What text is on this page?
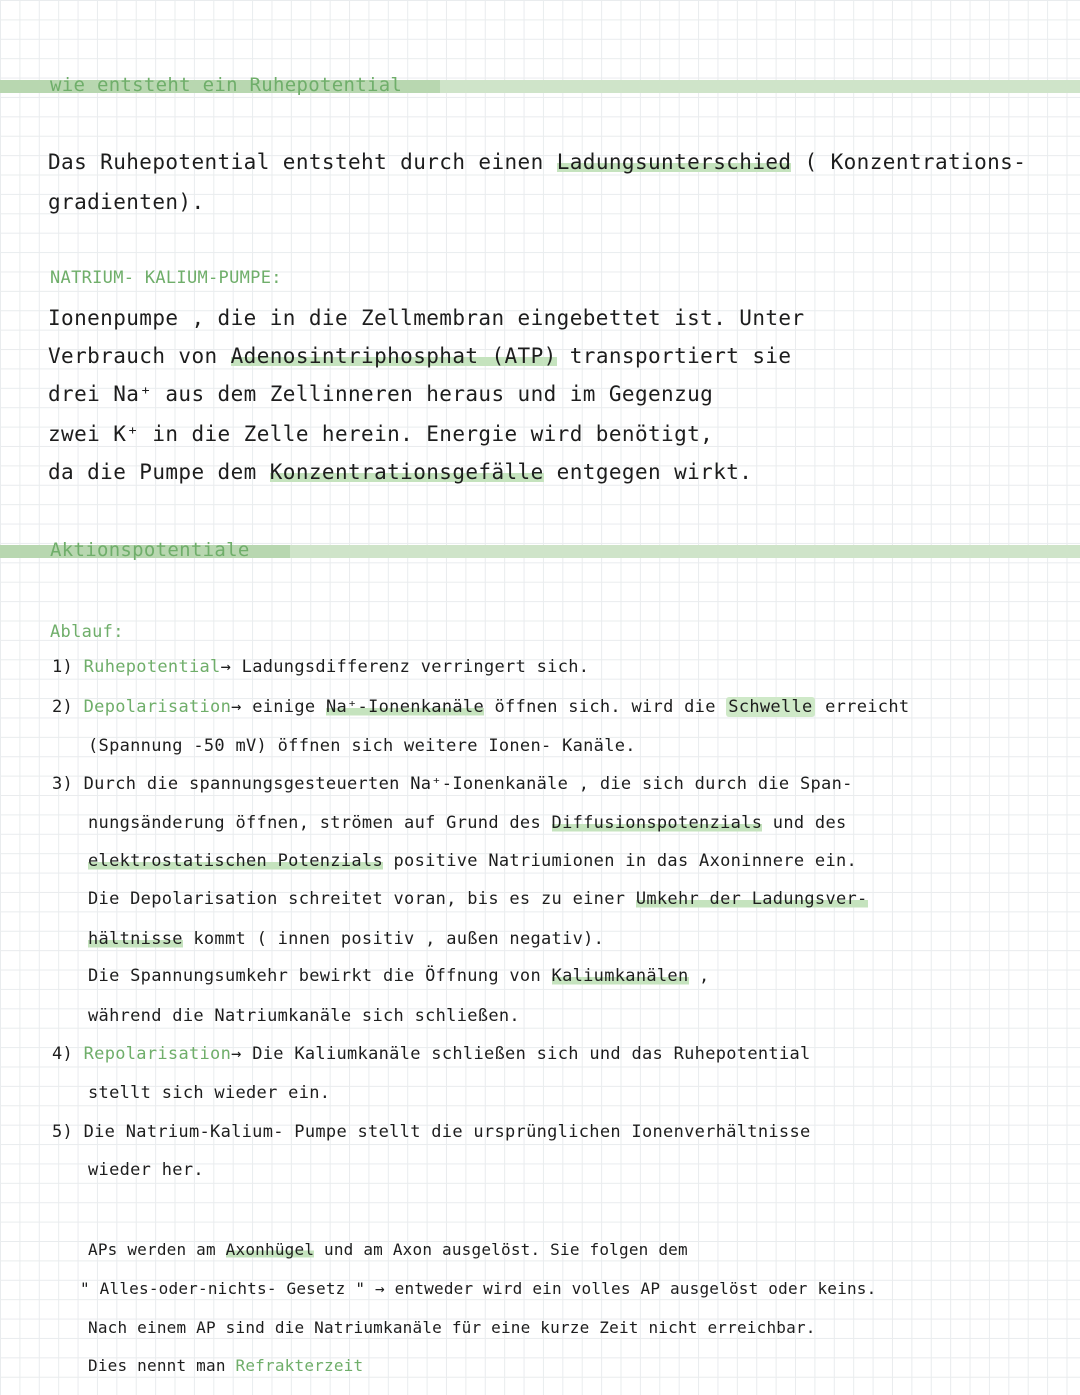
wie entsteht ein Ruhepotential
Das Ruhepotential entsteht durch einen Ladungsunterschied ( Konzentrations-
gradienten).
NATRIUM- KALIUM-PUMPE:
Ionenpumpe , die in die Zellmembran eingebettet ist. Unter
Verbrauch von Adenosintriphosphat (ATP) transportiert sie
drei Na⁺ aus dem Zellinneren heraus und im Gegenzug
zwei K⁺ in die Zelle herein. Energie wird benötigt,
da die Pumpe dem Konzentrationsgefälle entgegen wirkt.
Aktionspotentiale
Ablauf:
1) Ruhepotential→ Ladungsdifferenz verringert sich.
2) Depolarisation→ einige Na⁺-Ionenkanäle öffnen sich. wird die Schwelle erreicht
(Spannung -50 mV) öffnen sich weitere Ionen- Kanäle.
3) Durch die spannungsgesteuerten Na⁺-Ionenkanäle , die sich durch die Span-
nungsänderung öffnen, strömen auf Grund des Diffusionspotenzials und des
elektrostatischen Potenzials positive Natriumionen in das Axoninnere ein.
Die Depolarisation schreitet voran, bis es zu einer Umkehr der Ladungsver-
hältnisse kommt ( innen positiv , außen negativ).
Die Spannungsumkehr bewirkt die Öffnung von Kaliumkanälen ,
während die Natriumkanäle sich schließen.
4) Repolarisation→ Die Kaliumkanäle schließen sich und das Ruhepotential
stellt sich wieder ein.
5) Die Natrium-Kalium- Pumpe stellt die ursprünglichen Ionenverhältnisse
wieder her.
APs werden am Axonhügel und am Axon ausgelöst. Sie folgen dem
" Alles-oder-nichts- Gesetz " → entweder wird ein volles AP ausgelöst oder keins.
Nach einem AP sind die Natriumkanäle für eine kurze Zeit nicht erreichbar.
Dies nennt man Refrakterzeit
